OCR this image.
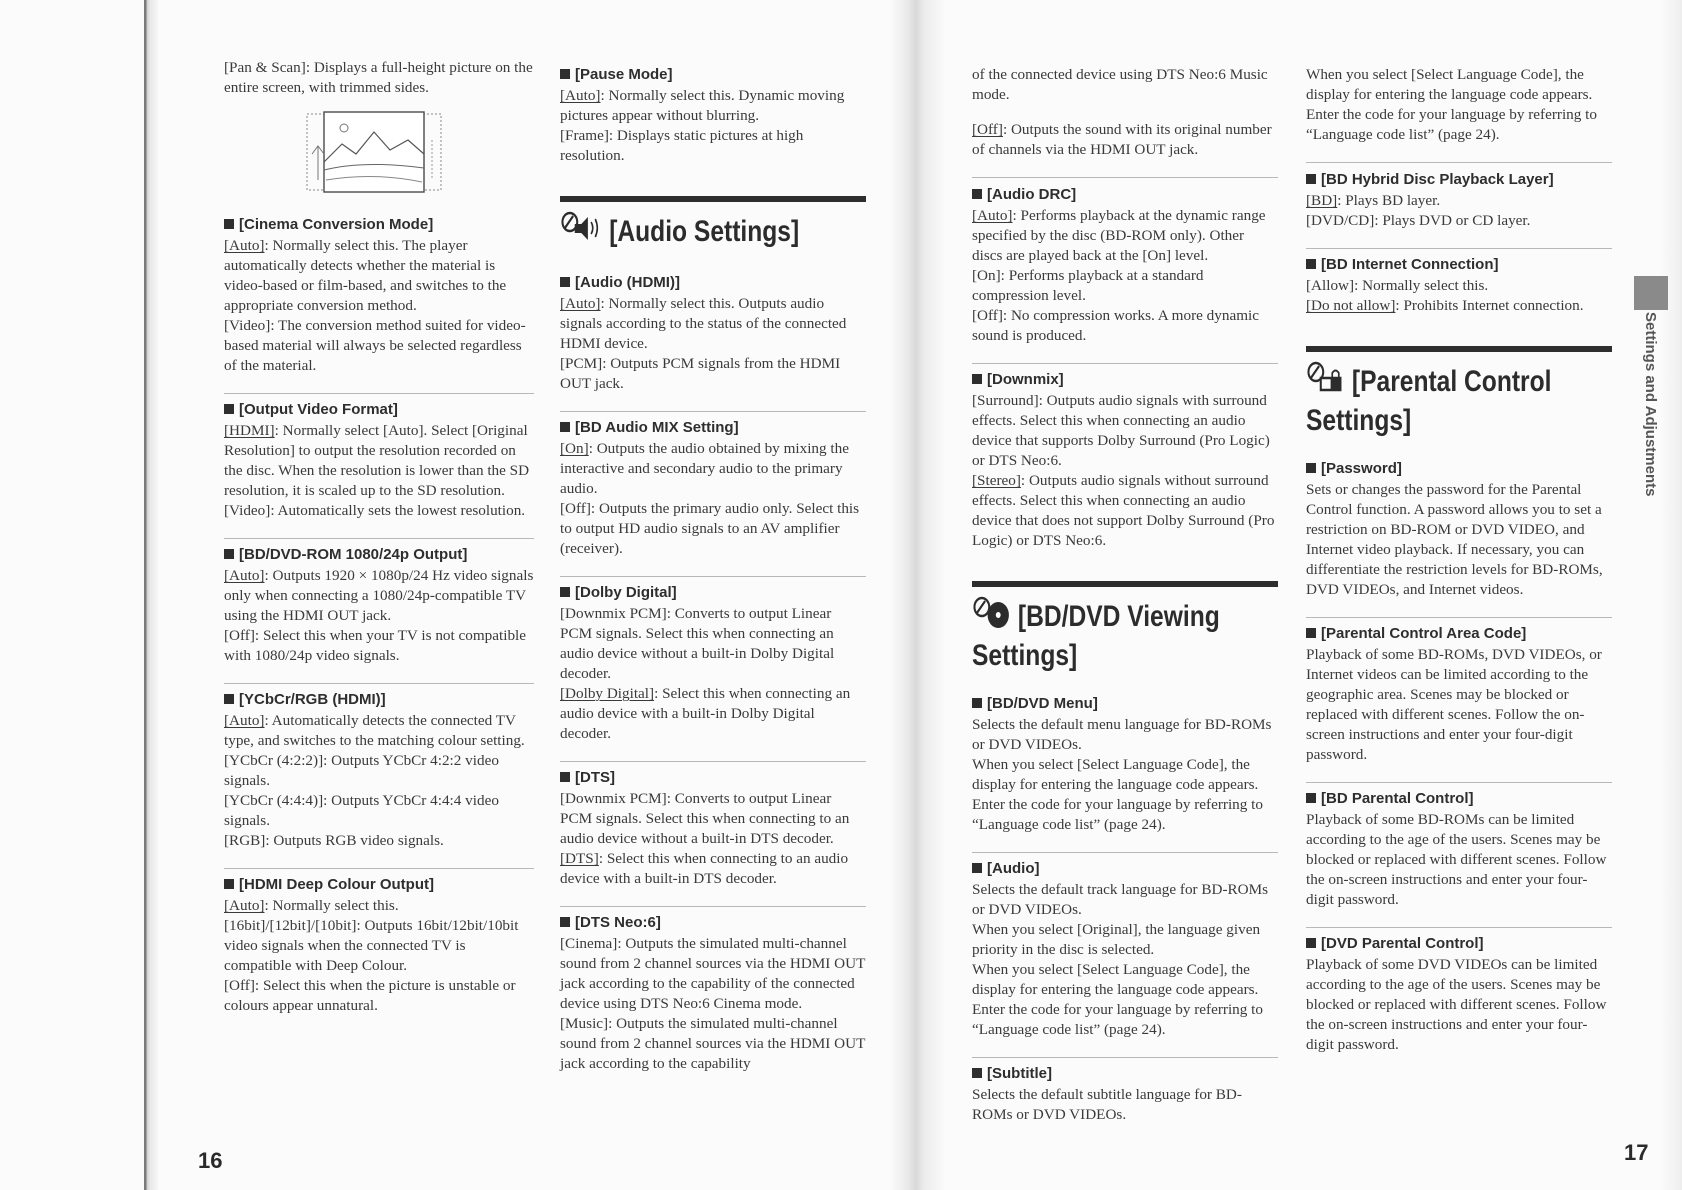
[Pan & Scan]: Displays a full-height picture on the entire screen, with trimmed sides.

[Cinema Conversion Mode]

[Auto]: Normally select this. The player automatically detects whether the material is video-based or film-based, and switches to the appropriate conversion method.

[Video]: The conversion method suited for video-based material will always be selected regardless of the material.

[Output Video Format]

[HDMI]: Normally select [Auto]. Select [Original Resolution] to output the resolution recorded on the disc. When the resolution is lower than the SD resolution, it is scaled up to the SD resolution.

[Video]: Automatically sets the lowest resolution.

[BD/DVD-ROM 1080/24p Output]

[Auto]: Outputs 1920 × 1080p/24 Hz video signals only when connecting a 1080/24p-compatible TV using the HDMI OUT jack.

[Off]: Select this when your TV is not compatible with 1080/24p video signals.

[YCbCr/RGB (HDMI)]

[Auto]: Automatically detects the connected TV type, and switches to the matching colour setting.

[YCbCr (4:2:2)]: Outputs YCbCr 4:2:2 video signals.

[YCbCr (4:4:4)]: Outputs YCbCr 4:4:4 video signals.

[RGB]: Outputs RGB video signals.

[HDMI Deep Colour Output]

[Auto]: Normally select this.

[16bit]/[12bit]/[10bit]: Outputs 16bit/12bit/10bit video signals when the connected TV is compatible with Deep Colour.

[Off]: Select this when the picture is unstable or colours appear unnatural.

[Pause Mode]

[Auto]: Normally select this. Dynamic moving pictures appear without blurring.

[Frame]: Displays static pictures at high resolution.

[Audio Settings]
[Audio (HDMI)]

[Auto]: Normally select this. Outputs audio signals according to the status of the connected HDMI device.

[PCM]: Outputs PCM signals from the HDMI OUT jack.

[BD Audio MIX Setting]

[On]: Outputs the audio obtained by mixing the interactive and secondary audio to the primary audio.

[Off]: Outputs the primary audio only. Select this to output HD audio signals to an AV amplifier (receiver).

[Dolby Digital]

[Downmix PCM]: Converts to output Linear PCM signals. Select this when connecting an audio device without a built-in Dolby Digital decoder.

[Dolby Digital]: Select this when connecting an audio device with a built-in Dolby Digital decoder.

[DTS]

[Downmix PCM]: Converts to output Linear PCM signals. Select this when connecting to an audio device without a built-in DTS decoder.

[DTS]: Select this when connecting to an audio device with a built-in DTS decoder.

[DTS Neo:6]

[Cinema]: Outputs the simulated multi-channel sound from 2 channel sources via the HDMI OUT jack according to the capability of the connected device using DTS Neo:6 Cinema mode.

[Music]: Outputs the simulated multi-channel sound from 2 channel sources via the HDMI OUT jack according to the capability

16

of the connected device using DTS Neo:6 Music mode.

[Off]: Outputs the sound with its original number of channels via the HDMI OUT jack.

[Audio DRC]

[Auto]: Performs playback at the dynamic range specified by the disc (BD-ROM only). Other discs are played back at the [On] level.

[On]: Performs playback at a standard compression level.

[Off]: No compression works. A more dynamic sound is produced.

[Downmix]

[Surround]: Outputs audio signals with surround effects. Select this when connecting an audio device that supports Dolby Surround (Pro Logic) or DTS Neo:6.

[Stereo]: Outputs audio signals without surround effects. Select this when connecting an audio device that does not support Dolby Surround (Pro Logic) or DTS Neo:6.

[BD/DVD Viewing
Settings]
[BD/DVD Menu]

Selects the default menu language for BD-ROMs or DVD VIDEOs.

When you select [Select Language Code], the display for entering the language code appears. Enter the code for your language by referring to “Language code list” (page 24).

[Audio]

Selects the default track language for BD-ROMs or DVD VIDEOs.

When you select [Original], the language given priority in the disc is selected.

When you select [Select Language Code], the display for entering the language code appears. Enter the code for your language by referring to “Language code list” (page 24).

[Subtitle]

Selects the default subtitle language for BD-ROMs or DVD VIDEOs.

When you select [Select Language Code], the display for entering the language code appears. Enter the code for your language by referring to “Language code list” (page 24).

[BD Hybrid Disc Playback Layer]

[BD]: Plays BD layer.

[DVD/CD]: Plays DVD or CD layer.

[BD Internet Connection]

[Allow]: Normally select this.

[Do not allow]: Prohibits Internet connection.

[Parental Control
Settings]
[Password]

Sets or changes the password for the Parental Control function. A password allows you to set a restriction on BD-ROM or DVD VIDEO, and Internet video playback. If necessary, you can differentiate the restriction levels for BD-ROMs, DVD VIDEOs, and Internet videos.

[Parental Control Area Code]

Playback of some BD-ROMs, DVD VIDEOs, or Internet videos can be limited according to the geographic area. Scenes may be blocked or replaced with different scenes. Follow the on-screen instructions and enter your four-digit password.

[BD Parental Control]

Playback of some BD-ROMs can be limited according to the age of the users. Scenes may be blocked or replaced with different scenes. Follow the on-screen instructions and enter your four-digit password.

[DVD Parental Control]

Playback of some DVD VIDEOs can be limited according to the age of the users. Scenes may be blocked or replaced with different scenes. Follow the on-screen instructions and enter your four-digit password.

Settings and Adjustments
17
